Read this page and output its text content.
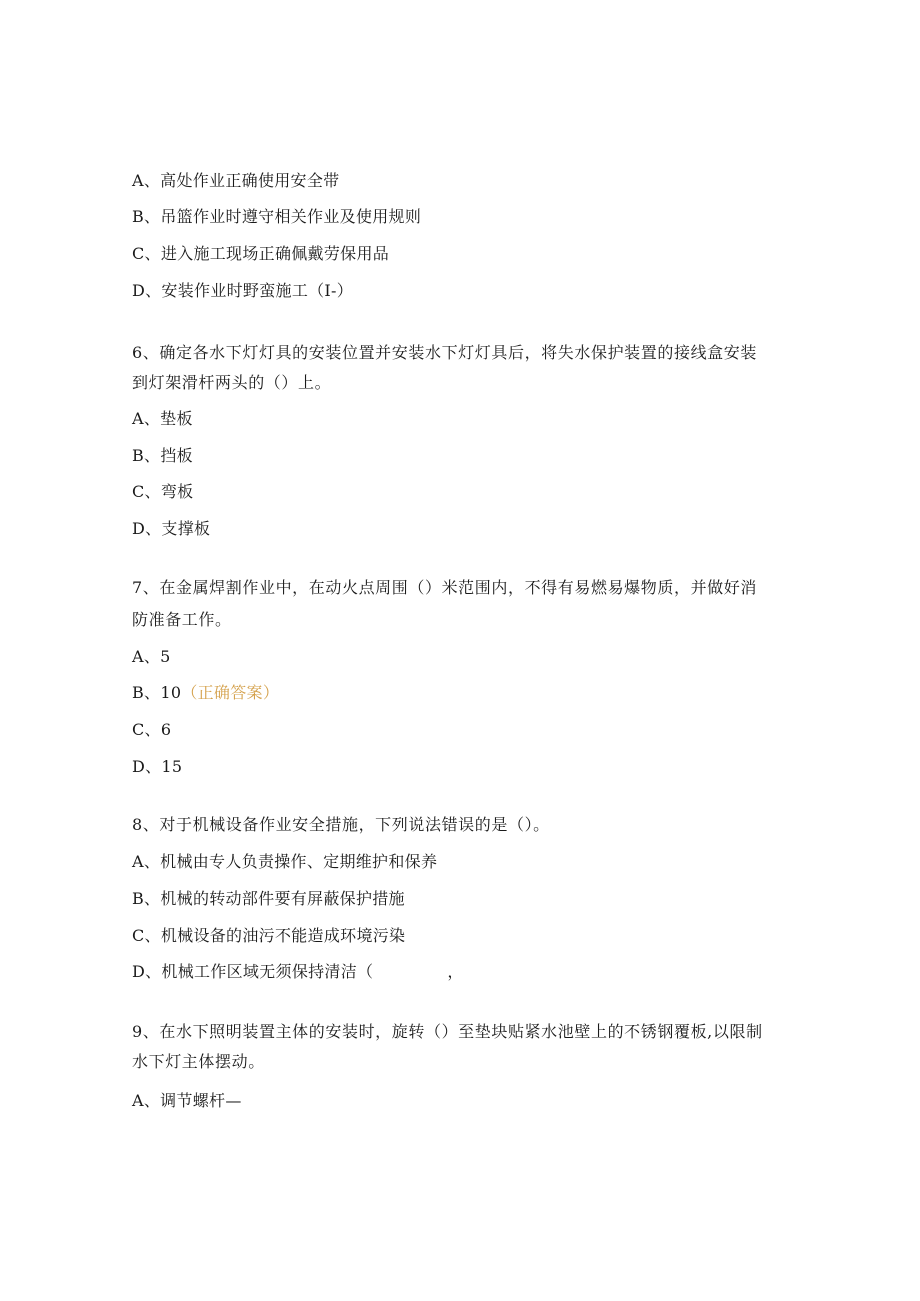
A、高处作业正确使用安全带
B、吊篮作业时遵守相关作业及使用规则
C、进入施工现场正确佩戴劳保用品
D、安装作业时野蛮施工（I-）
6、确定各水下灯灯具的安装位置并安装水下灯灯具后，将失水保护装置的接线盒安装
到灯架滑杆两头的（）上。
A、垫板
B、挡板
C、弯板
D、支撑板
7、在金属焊割作业中，在动火点周围（）米范围内，不得有易燃易爆物质，并做好消
防准备工作。
A、5
B、10（正确答案）
C、6
D、15
8、对于机械设备作业安全措施，下列说法错误的是（）。
A、机械由专人负责操作、定期维护和保养
B、机械的转动部件要有屏蔽保护措施
C、机械设备的油污不能造成环境污染
D、机械工作区域无须保持清洁（	，
9、在水下照明装置主体的安装时，旋转（）至垫块贴紧水池壁上的不锈钢覆板,以限制
水下灯主体摆动。
A、调节螺杆—
